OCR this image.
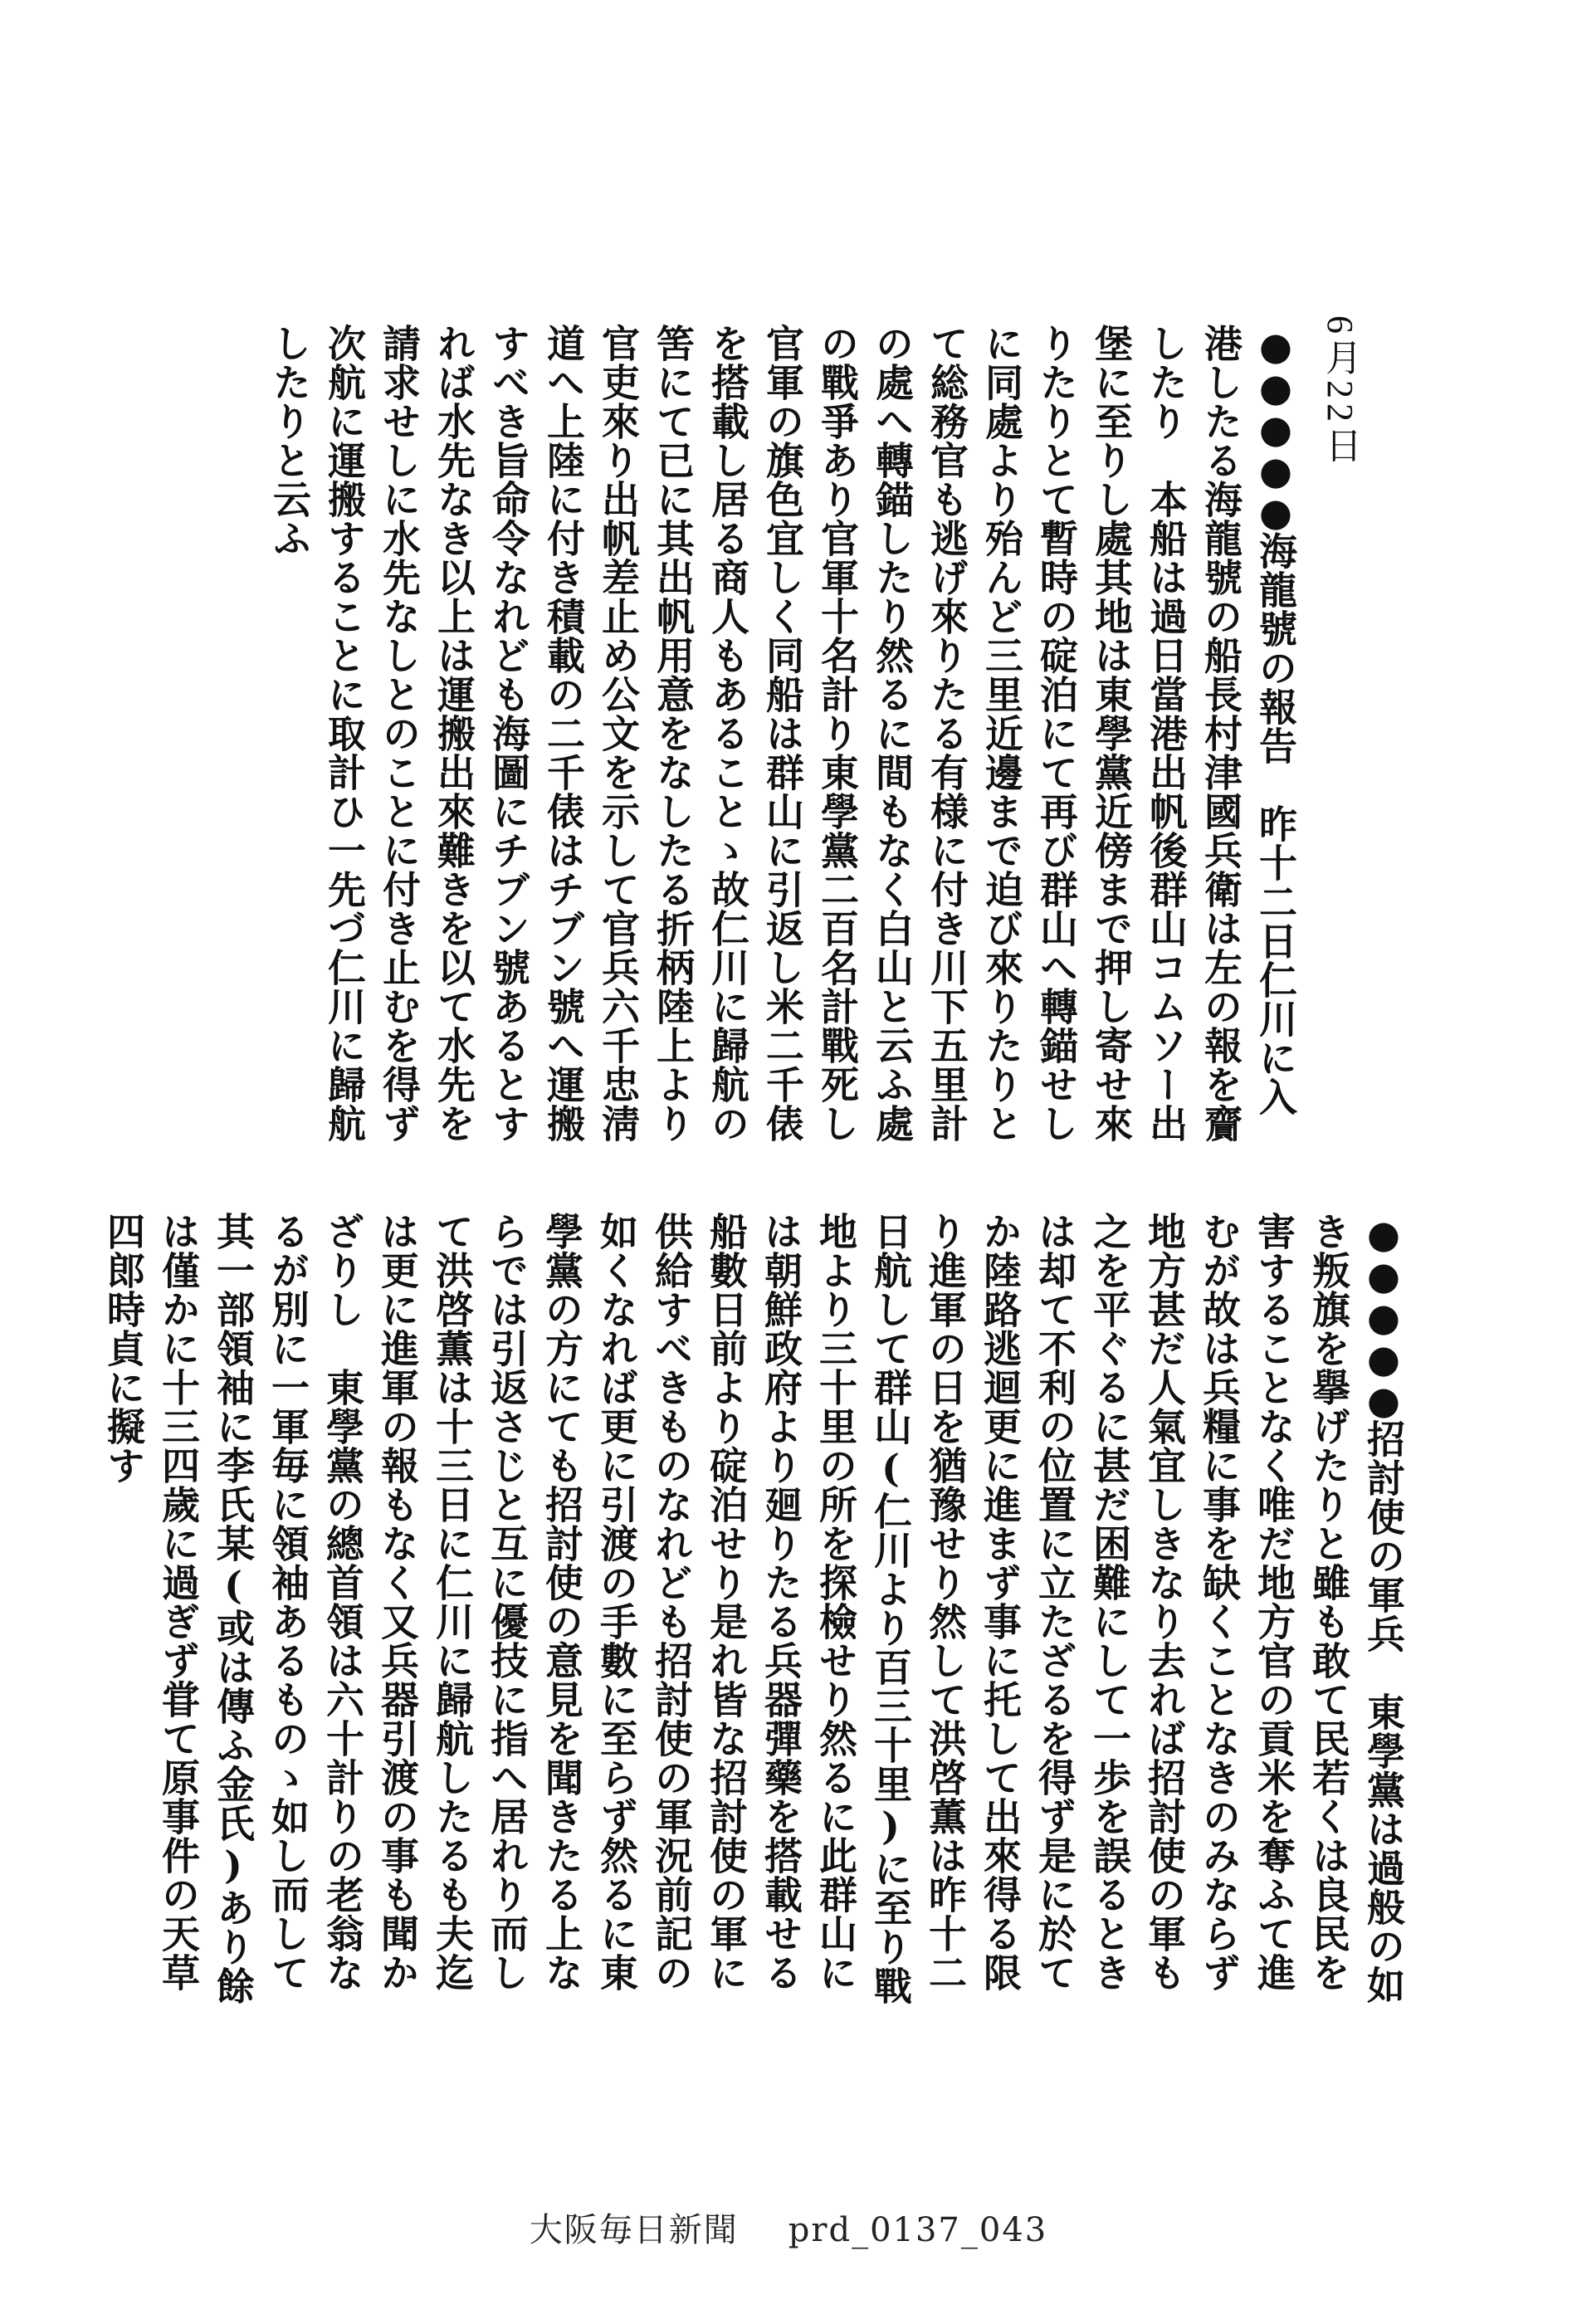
6月22日
●●●●●海龍號の報告　昨十二日仁川に入港したる海龍號の船長村津國兵衛は左の報を齎したり　本船は過日當港出帆後群山コムソー出堡に至りし處其地は東學黨近傍まで押し寄せ來りたりとて暫時の碇泊にて再び群山へ轉錨せしに同處より殆んど三里近邊まで迫び來りたりとて総務官も逃げ來りたる有様に付き川下五里計の處へ轉錨したり然るに間もなく白山と云ふ處の戰爭あり官軍十名計り東學黨二百名計戰死し官軍の旗色宜しく同船は群山に引返し米二千俵を搭載し居る商人もあることゝ故仁川に歸航の筈にて已に其出帆用意をなしたる折柄陸上より官吏來り出帆差止め公文を示して官兵六千忠淸道へ上陸に付き積載の二千俵はチブン號へ運搬すべき旨命令なれども海圖にチブン號あるとすれば水先なき以上は運搬出來難きを以て水先を請求せしに水先なしとのことに付き止むを得ず次航に運搬することに取計ひ一先づ仁川に歸航したりと云ふ
●●●●●招討使の軍兵　東學黨は過般の如き叛旗を擧げたりと雖も敢て民若くは良民を害することなく唯だ地方官の貢米を奪ふて進むが故は兵糧に事を缺くことなきのみならず地方甚だ人氣宜しきなり去れば招討使の軍も之を平ぐるに甚だ困難にして一歩を誤るときは却て不利の位置に立たざるを得ず是に於てか陸路逃迴更に進まず事に托して出來得る限り進軍の日を猶豫せり然して洪啓薫は昨十二日航して群山(仁川より百三十里)に至り戰地より三十里の所を探檢せり然るに此群山には朝鮮政府より廻りたる兵器彈藥を搭載せる船數日前より碇泊せり是れ皆な招討使の軍に供給すべきものなれども招討使の軍況前記の如くなれば更に引渡の手數に至らず然るに東學黨の方にても招討使の意見を聞きたる上ならでは引返さじと互に優技に指へ居れり而して洪啓薫は十三日に仁川に歸航したるも夫迄は更に進軍の報もなく又兵器引渡の事も聞かざりし　東學黨の總首領は六十計りの老翁なるが別に一軍毎に領袖あるものゝ如し而して其一部領袖に李氏某(或は傳ふ金氏)あり餘は僅かに十三四歲に過ぎず甞て原事件の天草四郎時貞に擬す
大阪毎日新聞 prd_0137_043
